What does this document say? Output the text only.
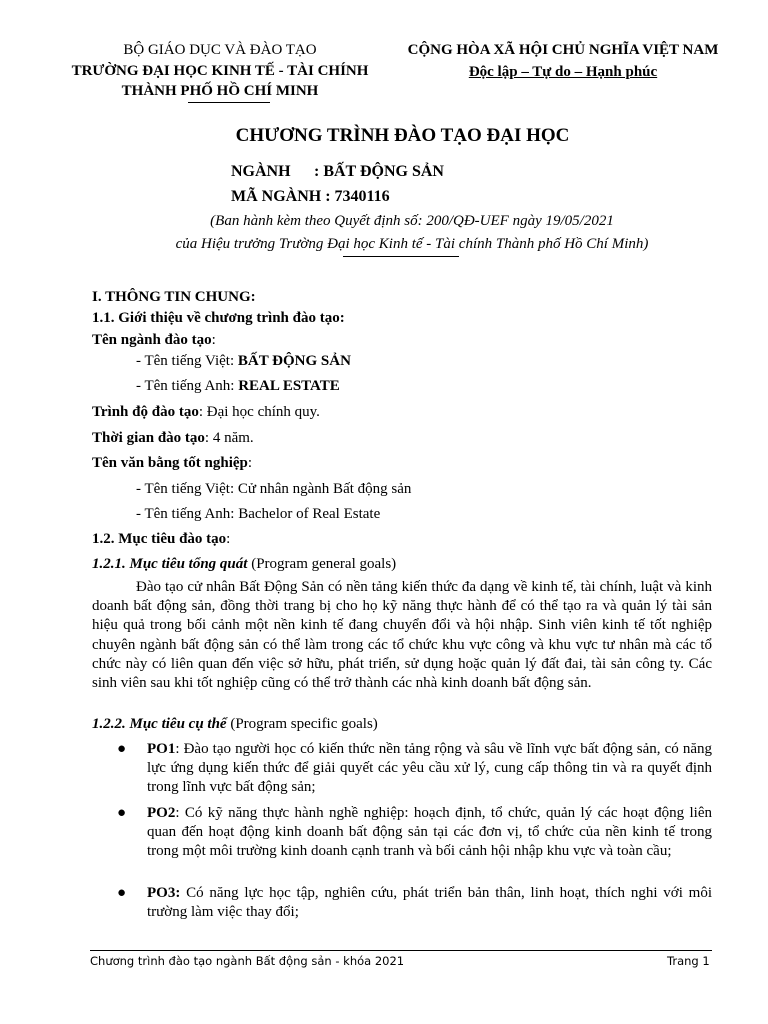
BỘ GIÁO DỤC VÀ ĐÀO TẠO
TRƯỜNG ĐẠI HỌC KINH TẾ - TÀI CHÍNH
THÀNH PHỐ HỒ CHÍ MINH
CỘNG HÒA XÃ HỘI CHỦ NGHĨA VIỆT NAM
Độc lập – Tự do – Hạnh phúc
CHƯƠNG TRÌNH ĐÀO TẠO ĐẠI HỌC
NGÀNH : BẤT ĐỘNG SẢN
MÃ NGÀNH : 7340116
(Ban hành kèm theo Quyết định số: 200/QĐ-UEF ngày 19/05/2021
của Hiệu trưởng Trường Đại học Kinh tế - Tài chính Thành phố Hồ Chí Minh)
I. THÔNG TIN CHUNG:
1.1. Giới thiệu về chương trình đào tạo:
Tên ngành đào tạo:
- Tên tiếng Việt: BẤT ĐỘNG SẢN
- Tên tiếng Anh: REAL ESTATE
Trình độ đào tạo: Đại học chính quy.
Thời gian đào tạo: 4 năm.
Tên văn bằng tốt nghiệp:
- Tên tiếng Việt: Cử nhân ngành Bất động sản
- Tên tiếng Anh: Bachelor of Real Estate
1.2. Mục tiêu đào tạo:
1.2.1. Mục tiêu tổng quát (Program general goals)
Đào tạo cử nhân Bất Động Sản có nền tảng kiến thức đa dạng về kinh tế, tài chính, luật và kinh doanh bất động sản, đồng thời trang bị cho họ kỹ năng thực hành để có thể tạo ra và quản lý tài sản hiệu quả trong bối cảnh một nền kinh tế đang chuyển đổi và hội nhập. Sinh viên kinh tế tốt nghiệp chuyên ngành bất động sản có thể làm trong các tổ chức khu vực công và khu vực tư nhân mà các tổ chức này có liên quan đến việc sở hữu, phát triển, sử dụng hoặc quản lý đất đai, tài sản công ty. Các sinh viên sau khi tốt nghiệp cũng có thể trở thành các nhà kinh doanh bất động sản.
1.2.2. Mục tiêu cụ thể (Program specific goals)
● PO1: Đào tạo người học có kiến thức nền tảng rộng và sâu về lĩnh vực bất động sản, có năng lực ứng dụng kiến thức để giải quyết các yêu cầu xử lý, cung cấp thông tin và ra quyết định trong lĩnh vực bất động sản;
● PO2: Có kỹ năng thực hành nghề nghiệp: hoạch định, tổ chức, quản lý các hoạt động liên quan đến hoạt động kinh doanh bất động sản tại các đơn vị, tổ chức của nền kinh tế trong trong một môi trường kinh doanh cạnh tranh và bối cảnh hội nhập khu vực và toàn cầu;
● PO3: Có năng lực học tập, nghiên cứu, phát triển bản thân, linh hoạt, thích nghi với môi trường làm việc thay đổi;
Chương trình đào tạo ngành Bất động sản - khóa 2021	Trang 1
